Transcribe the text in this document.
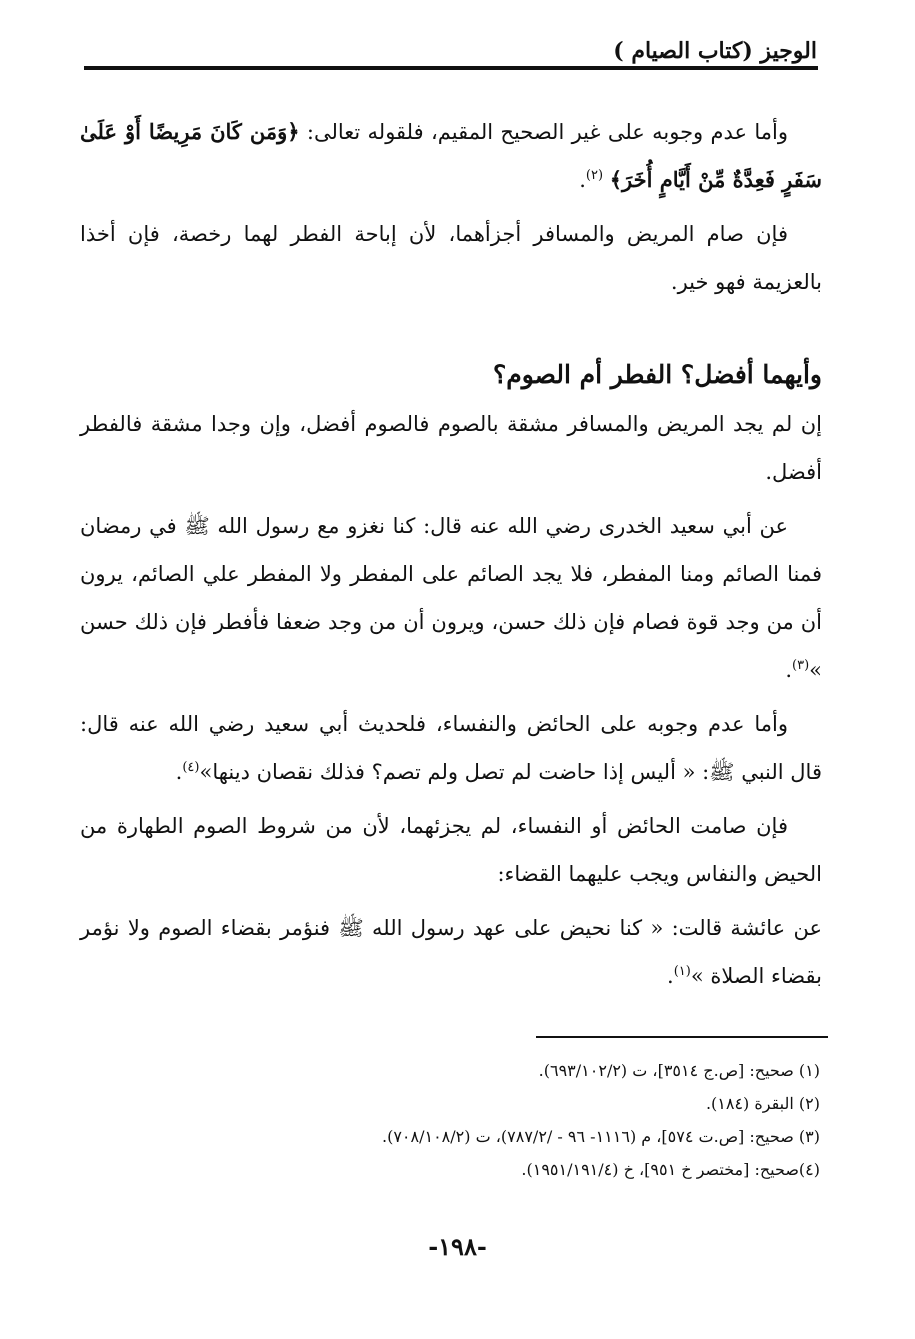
الوجيز (كتاب الصيام )

وأما عدم وجوبه على غير الصحيح المقيم، فلقوله تعالى: ﴿وَمَن كَانَ مَرِيضًا أَوْ عَلَىٰ سَفَرٍ فَعِدَّةٌ مِّنْ أَيَّامٍ أُخَرَ﴾ $^{(٢)}$.

فإن صام المريض والمسافر أجزأهما، لأن إباحة الفطر لهما رخصة، فإن أخذا بالعزيمة فهو خير.

وأيهما أفضل؟ الفطر أم الصوم؟

إن لم يجد المريض والمسافر مشقة بالصوم فالصوم أفضل، وإن وجدا مشقة فالفطر أفضل.

عن أبي سعيد الخدرى رضي الله عنه قال: كنا نغزو مع رسول الله ﷺ في رمضان فمنا الصائم ومنا المفطر، فلا يجد الصائم على المفطر ولا المفطر علي الصائم، يرون أن من وجد قوة فصام فإن ذلك حسن، ويرون أن من وجد ضعفا فأفطر فإن ذلك حسن »$^{(٣)}$.

وأما عدم وجوبه على الحائض والنفساء، فلحديث أبي سعيد رضي الله عنه قال: قال النبي ﷺ: « أليس إذا حاضت لم تصل ولم تصم؟ فذلك نقصان دينها»$^{(٤)}$.

فإن صامت الحائض أو النفساء، لم يجزئهما، لأن من شروط الصوم الطهارة من الحيض والنفاس ويجب عليهما القضاء:

عن عائشة قالت: « كنا نحيض على عهد رسول الله ﷺ فنؤمر بقضاء الصوم ولا نؤمر بقضاء الصلاة »$^{(١)}$.

(١) صحيح: [ص.ج ٣٥١٤]، ت (٦٩٣/١٠٢/٢).
(٢) البقرة (١٨٤).
(٣) صحيح: [ص.ت ٥٧٤]، م (١١١٦- ٩٦ - /٧٨٧/٢)، ت (٧٠٨/١٠٨/٢).
(٤)صحيح: [مختصر خ ٩٥١]، خ (١٩٥١/١٩١/٤).
-١٩٨-
